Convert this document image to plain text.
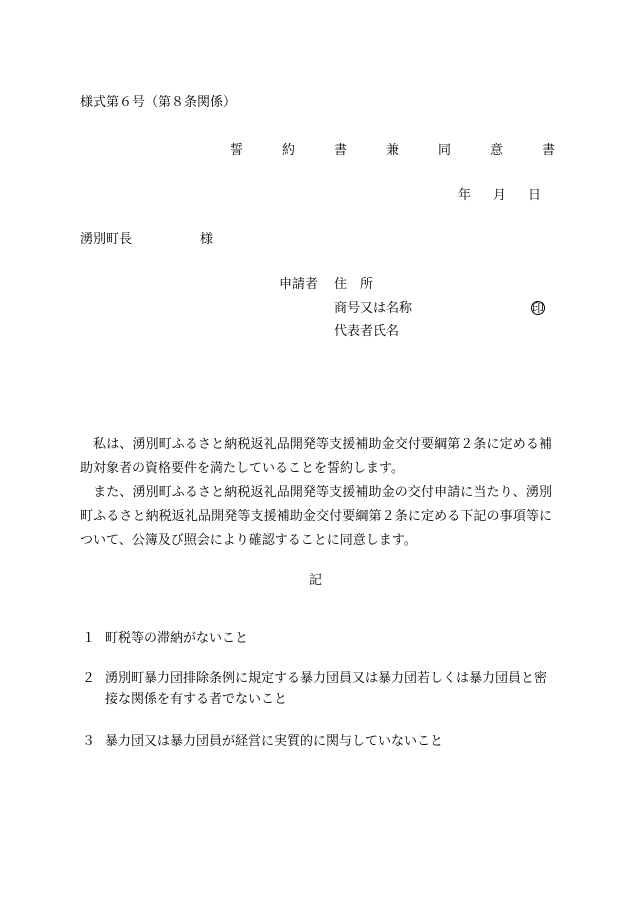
様式第６号（第８条関係）
誓　約　書　兼　同　意　書
年 月 日
湧別町長	様
申請者 住　所
商号又は名称	印
代表者氏名
　私は、湧別町ふるさと納税返礼品開発等支援補助金交付要綱第２条に定める補助対象者の資格要件を満たしていることを誓約します。
　また、湧別町ふるさと納税返礼品開発等支援補助金の交付申請に当たり、湧別町ふるさと納税返礼品開発等支援補助金交付要綱第２条に定める下記の事項等について、公簿及び照会により確認することに同意します。
記
１ 町税等の滞納がないこと
２ 湧別町暴力団排除条例に規定する暴力団員又は暴力団若しくは暴力団員と密接な関係を有する者でないこと
３ 暴力団又は暴力団員が経営に実質的に関与していないこと
